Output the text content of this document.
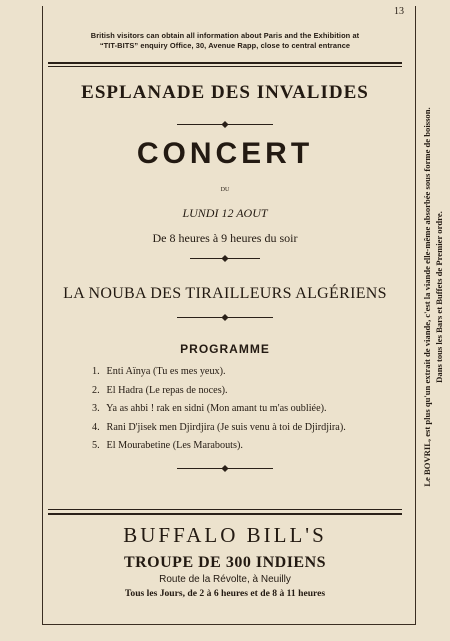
13
British visitors can obtain all information about Paris and the Exhibition at
“TIT-BITS” enquiry Office, 30, Avenue Rapp, close to central entrance
ESPLANADE DES INVALIDES
CONCERT
DU
LUNDI 12 AOUT
De 8 heures à 9 heures du soir
LA NOUBA DES TIRAILLEURS ALGÉRIENS
PROGRAMME
1. Enti Aïnya (Tu es mes yeux).
2. El Hadra (Le repas de noces).
3. Ya as ahbi ! rak en sidni (Mon amant tu m'as oubliée).
4. Rani D'jisek men Djirdjira (Je suis venu à toi de Djirdjira).
5. El Mourabetine (Les Marabouts).
BUFFALO BILL'S
TROUPE DE 300 INDIENS
Route de la Révolte, à Neuilly
Tous les Jours, de 2 à 6 heures et de 8 à 11 heures
Le BOVRIL, est plus qu'un extrait de viande, c'est la viande elle-même absorbée sous forme de boisson. Dans tous les Bars et Buffets de Premier ordre.
